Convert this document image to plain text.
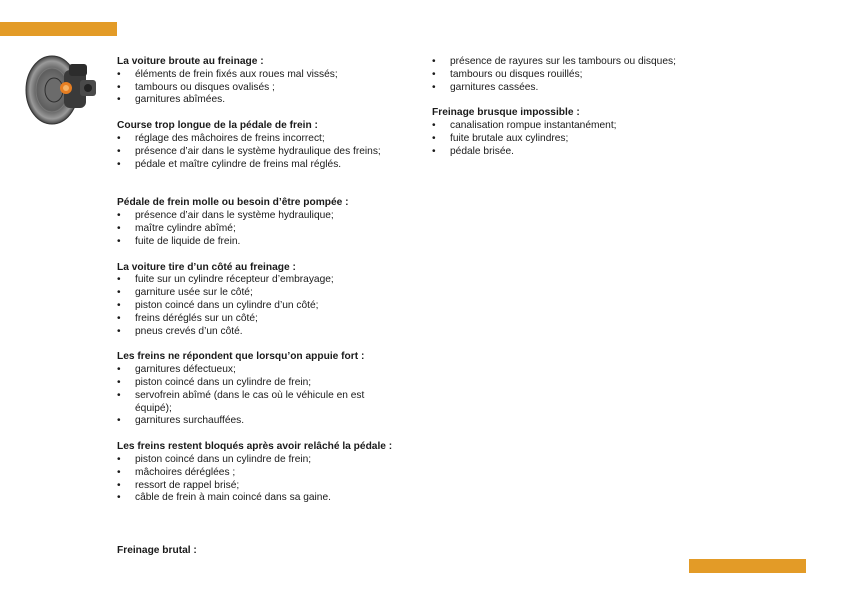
La voiture broute au freinage :
•	éléments de frein fixés aux roues mal vissés;
•	tambours ou disques ovalisés ;
•	garnitures abîmées.
Course trop longue de la pédale de frein :
•	réglage des mâchoires de freins incorrect;
•	présence d’air dans le système hydraulique des freins;
•	pédale et maître cylindre de freins mal réglés.
Pédale de frein molle ou besoin d’être pompée :
•	présence d’air dans le système hydraulique;
•	maître cylindre abîmé;
•	fuite de liquide de frein.
La voiture tire d’un côté au freinage :
•	fuite sur un cylindre récepteur d’embrayage;
•	garniture usée sur le côté;
•	piston coincé dans un cylindre d’un côté;
•	freins déréglés sur un côté;
•	pneus crevés d’un côté.
Les freins ne répondent que lorsqu’on appuie fort :
•	garnitures défectueux;
•	piston coincé dans un cylindre de frein;
•	servofrein abîmé (dans le cas où le véhicule en est équipé);
•	garnitures surchauffées.
Les freins restent bloqués après avoir relâché la pédale :
•	piston coincé dans un cylindre de frein;
•	mâchoires déréglées ;
•	ressort de rappel brisé;
•	câble de frein à main coincé dans sa gaine.
•	présence de rayures sur les tambours ou disques;
•	tambours ou disques rouillés;
•	garnitures cassées.
Freinage brusque impossible :
•	canalisation rompue instantanément;
•	fuite brutale aux cylindres;
•	pédale brisée.
Freinage brutal :
